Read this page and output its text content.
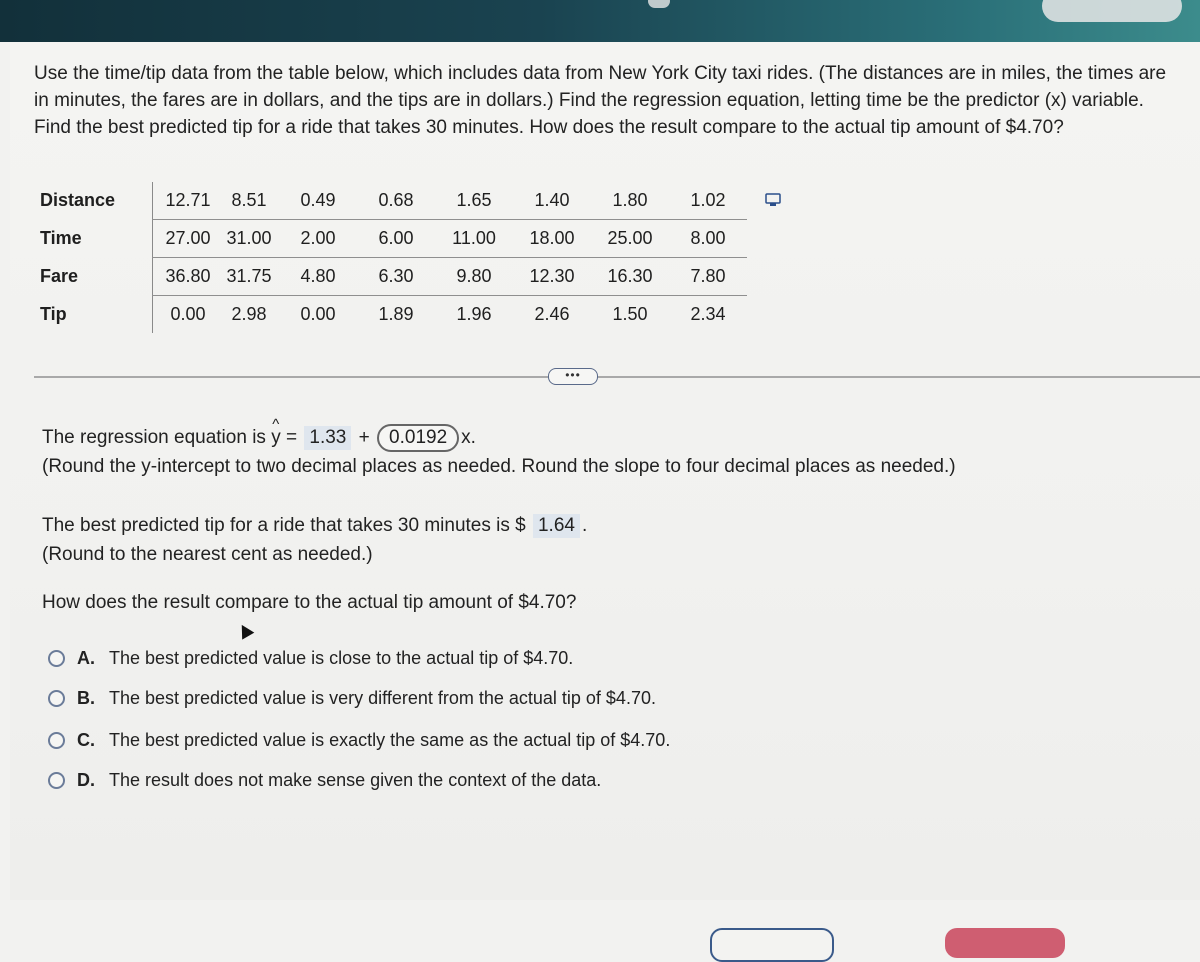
Use the time/tip data from the table below, which includes data from New York City taxi rides. (The distances are in miles, the times are in minutes, the fares are in dollars, and the tips are in dollars.) Find the regression equation, letting time be the predictor (x) variable. Find the best predicted tip for a ride that takes 30 minutes. How does the result compare to the actual tip amount of $4.70?
Distance	12.71	8.51	0.49	0.68	1.65	1.40	1.80	1.02
Time	27.00	31.00	2.00	6.00	11.00	18.00	25.00	8.00
Fare	36.80	31.75	4.80	6.30	9.80	12.30	16.30	7.80
Tip	0.00	2.98	0.00	1.89	1.96	2.46	1.50	2.34
•••
The regression equation is ^ y = 1.33 + 0.0192 x.
(Round the y-intercept to two decimal places as needed. Round the slope to four decimal places as needed.)
The best predicted tip for a ride that takes 30 minutes is $ 1.64 .
(Round to the nearest cent as needed.)
How does the result compare to the actual tip amount of $4.70?
A. The best predicted value is close to the actual tip of $4.70.
B. The best predicted value is very different from the actual tip of $4.70.
C. The best predicted value is exactly the same as the actual tip of $4.70.
D. The result does not make sense given the context of the data.
